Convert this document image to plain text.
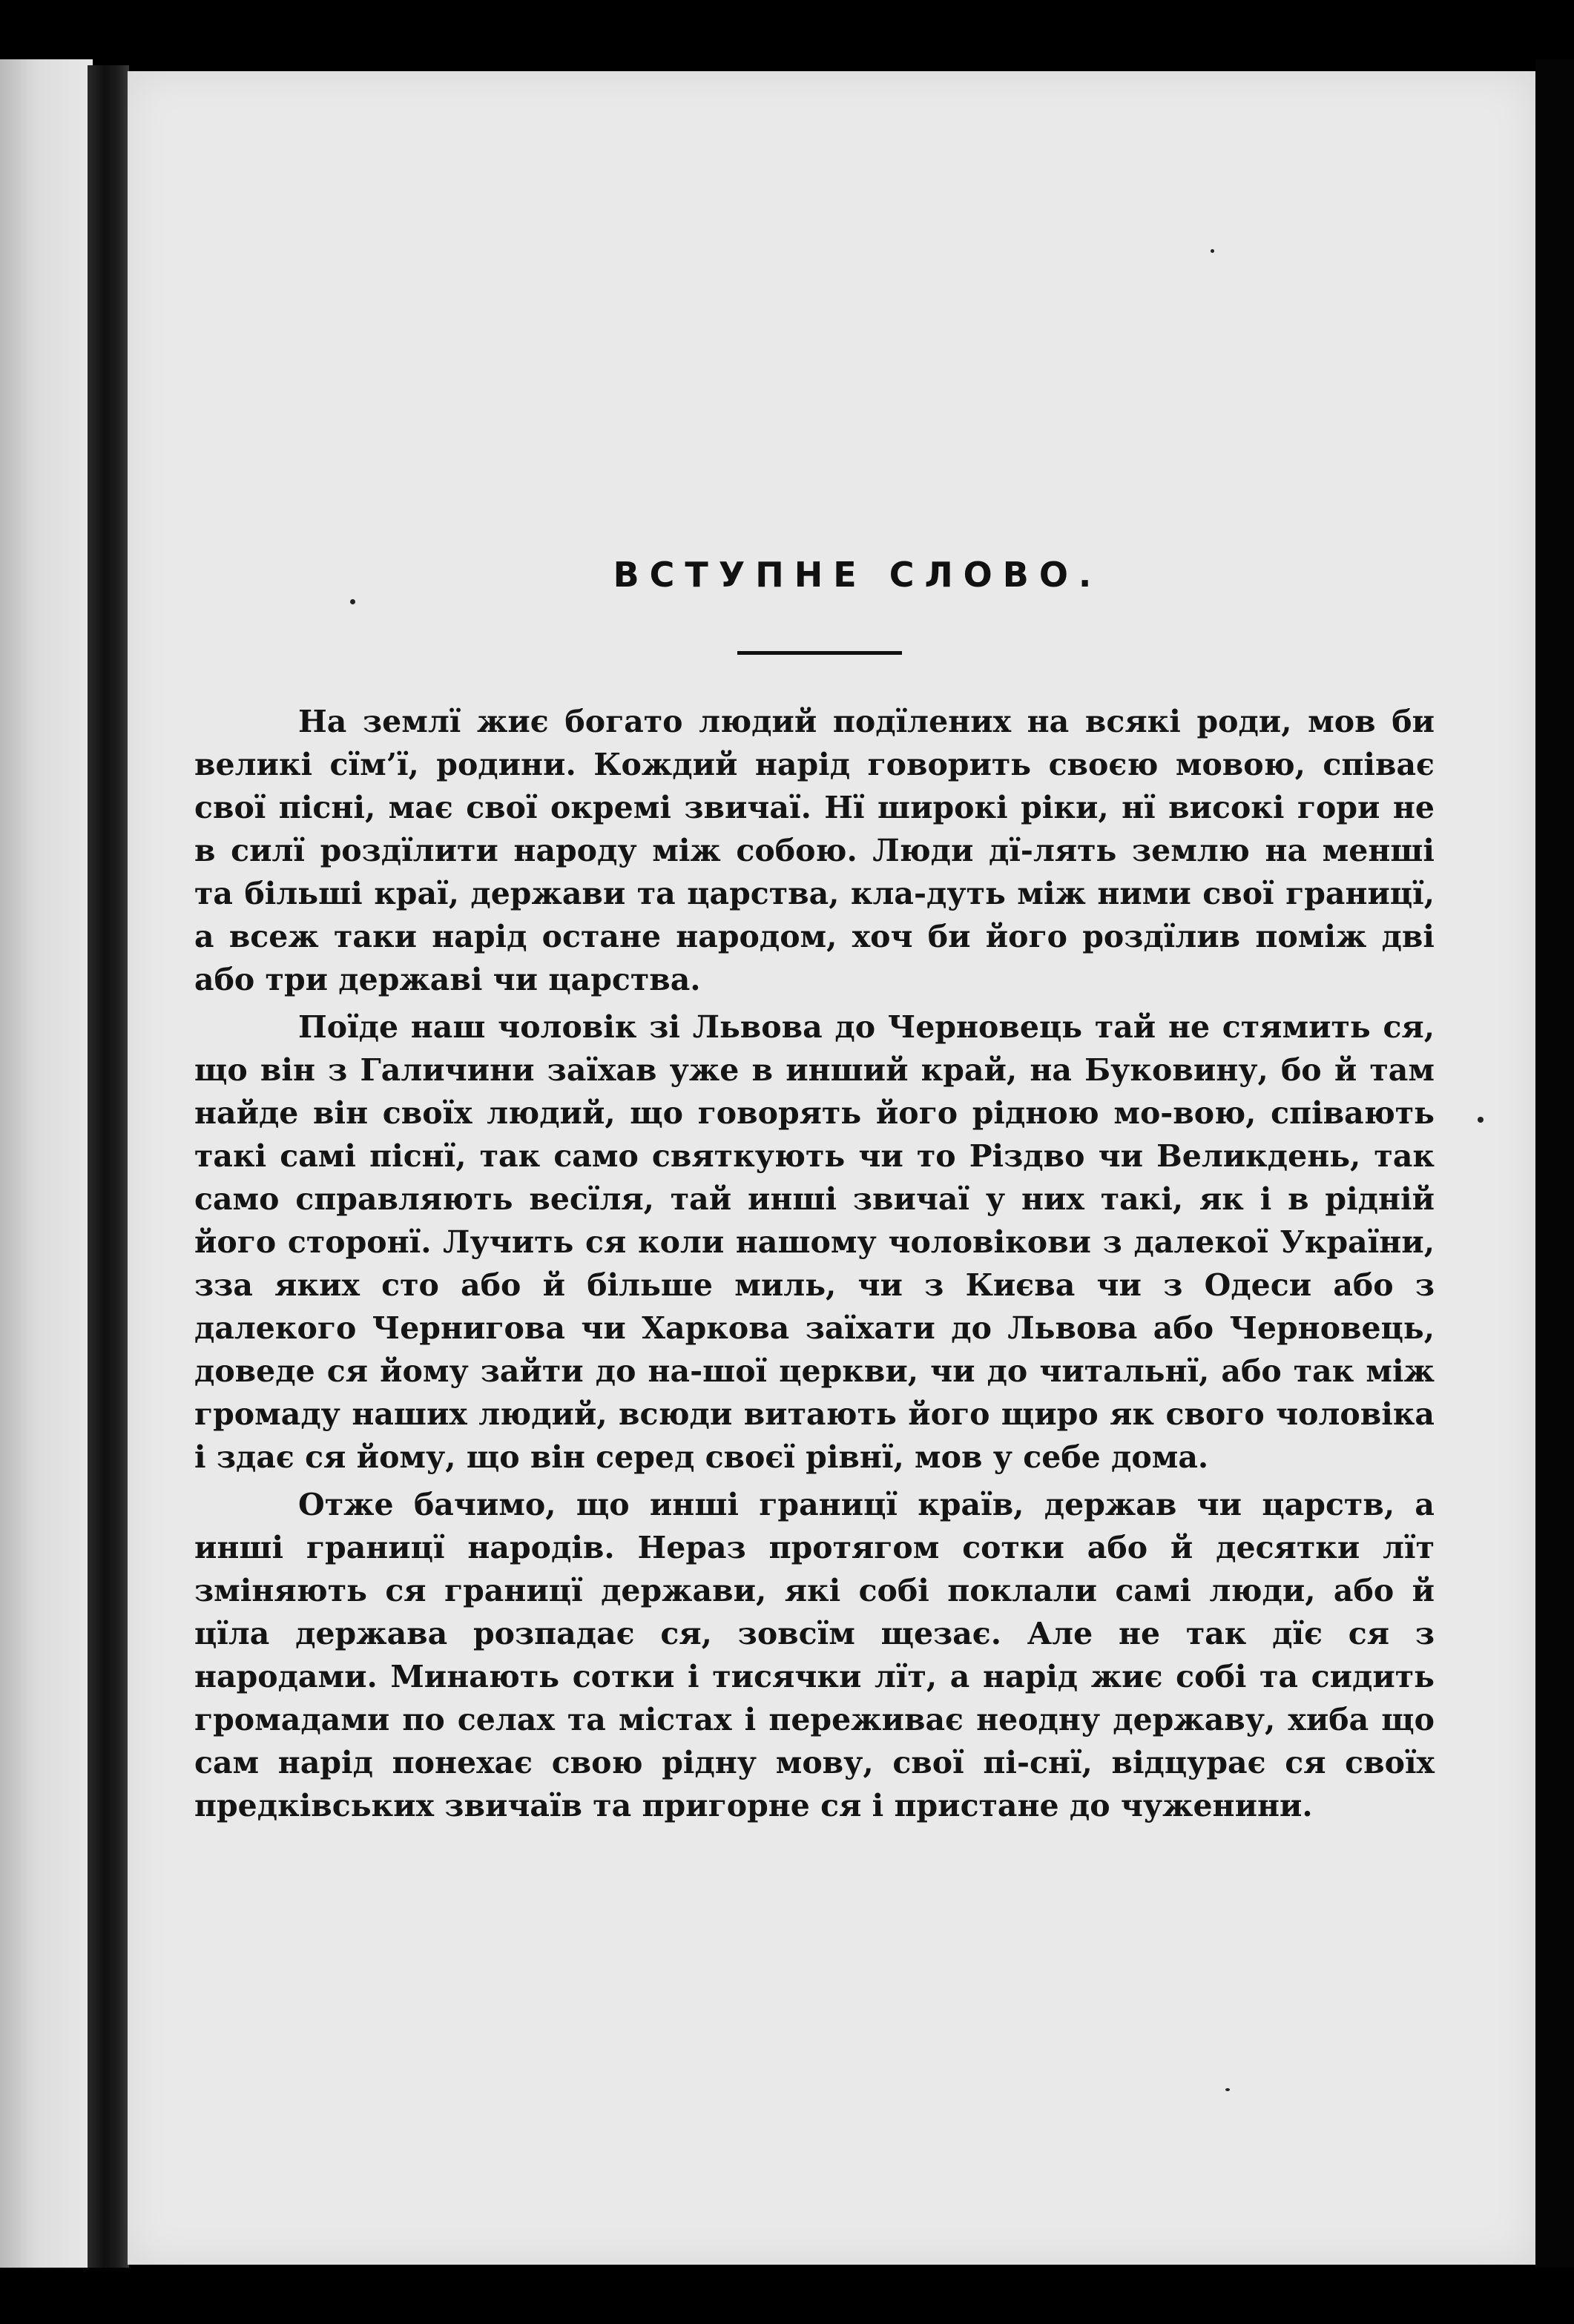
ВСТУПНЕ СЛОВО.

На землї жиє богато людий подїлених на всякі роди, мов би великі сїм’ї, родини. Кождий нарід говорить своєю мовою, співає свої пісні, має свої окремі звичаї. Нї широкі ріки, нї високі гори не в силї роздїлити народу між собою. Люди дї-лять землю на менші та більші краї, держави та царства, кла-дуть між ними свої границї, а всеж таки нарід остане народом, хоч би його роздїлив поміж дві або три державі чи царства.

Поїде наш чоловік зі Львова до Черновець тай не стямить ся, що він з Галичини заїхав уже в инший край, на Буковину, бо й там найде він своїх людий, що говорять його рідною мо-вою, співають такі самі піснї, так само святкують чи то Різдво чи Великдень, так само справляють весїля, тай инші звичаї у них такі, як і в рідній його сторонї. Лучить ся коли нашому чоловікови з далекої України, зза яких сто або й більше миль, чи з Києва чи з Одеси або з далекого Чернигова чи Харкова заїхати до Львова або Черновець, доведе ся йому зайти до на-шої церкви, чи до читальнї, або так між громаду наших людий, всюди витають його щиро як свого чоловіка і здає ся йому, що він серед своєї рівнї, мов у себе дома.

Отже бачимо, що инші границї країв, держав чи царств, а инші границї народів. Нераз протягом сотки або й десятки лїт зміняють ся границї держави, які собі поклали самі люди, або й цїла держава розпадає ся, зовсїм щезає. Але не так дїє ся з народами. Минають сотки і тисячки лїт, а нарід жиє собі та сидить громадами по селах та містах і переживає неодну державу, хиба що сам нарід понехає свою рідну мову, свої пі-снї, відцурає ся своїх предківських звичаїв та пригорне ся і пристане до чуженини.
